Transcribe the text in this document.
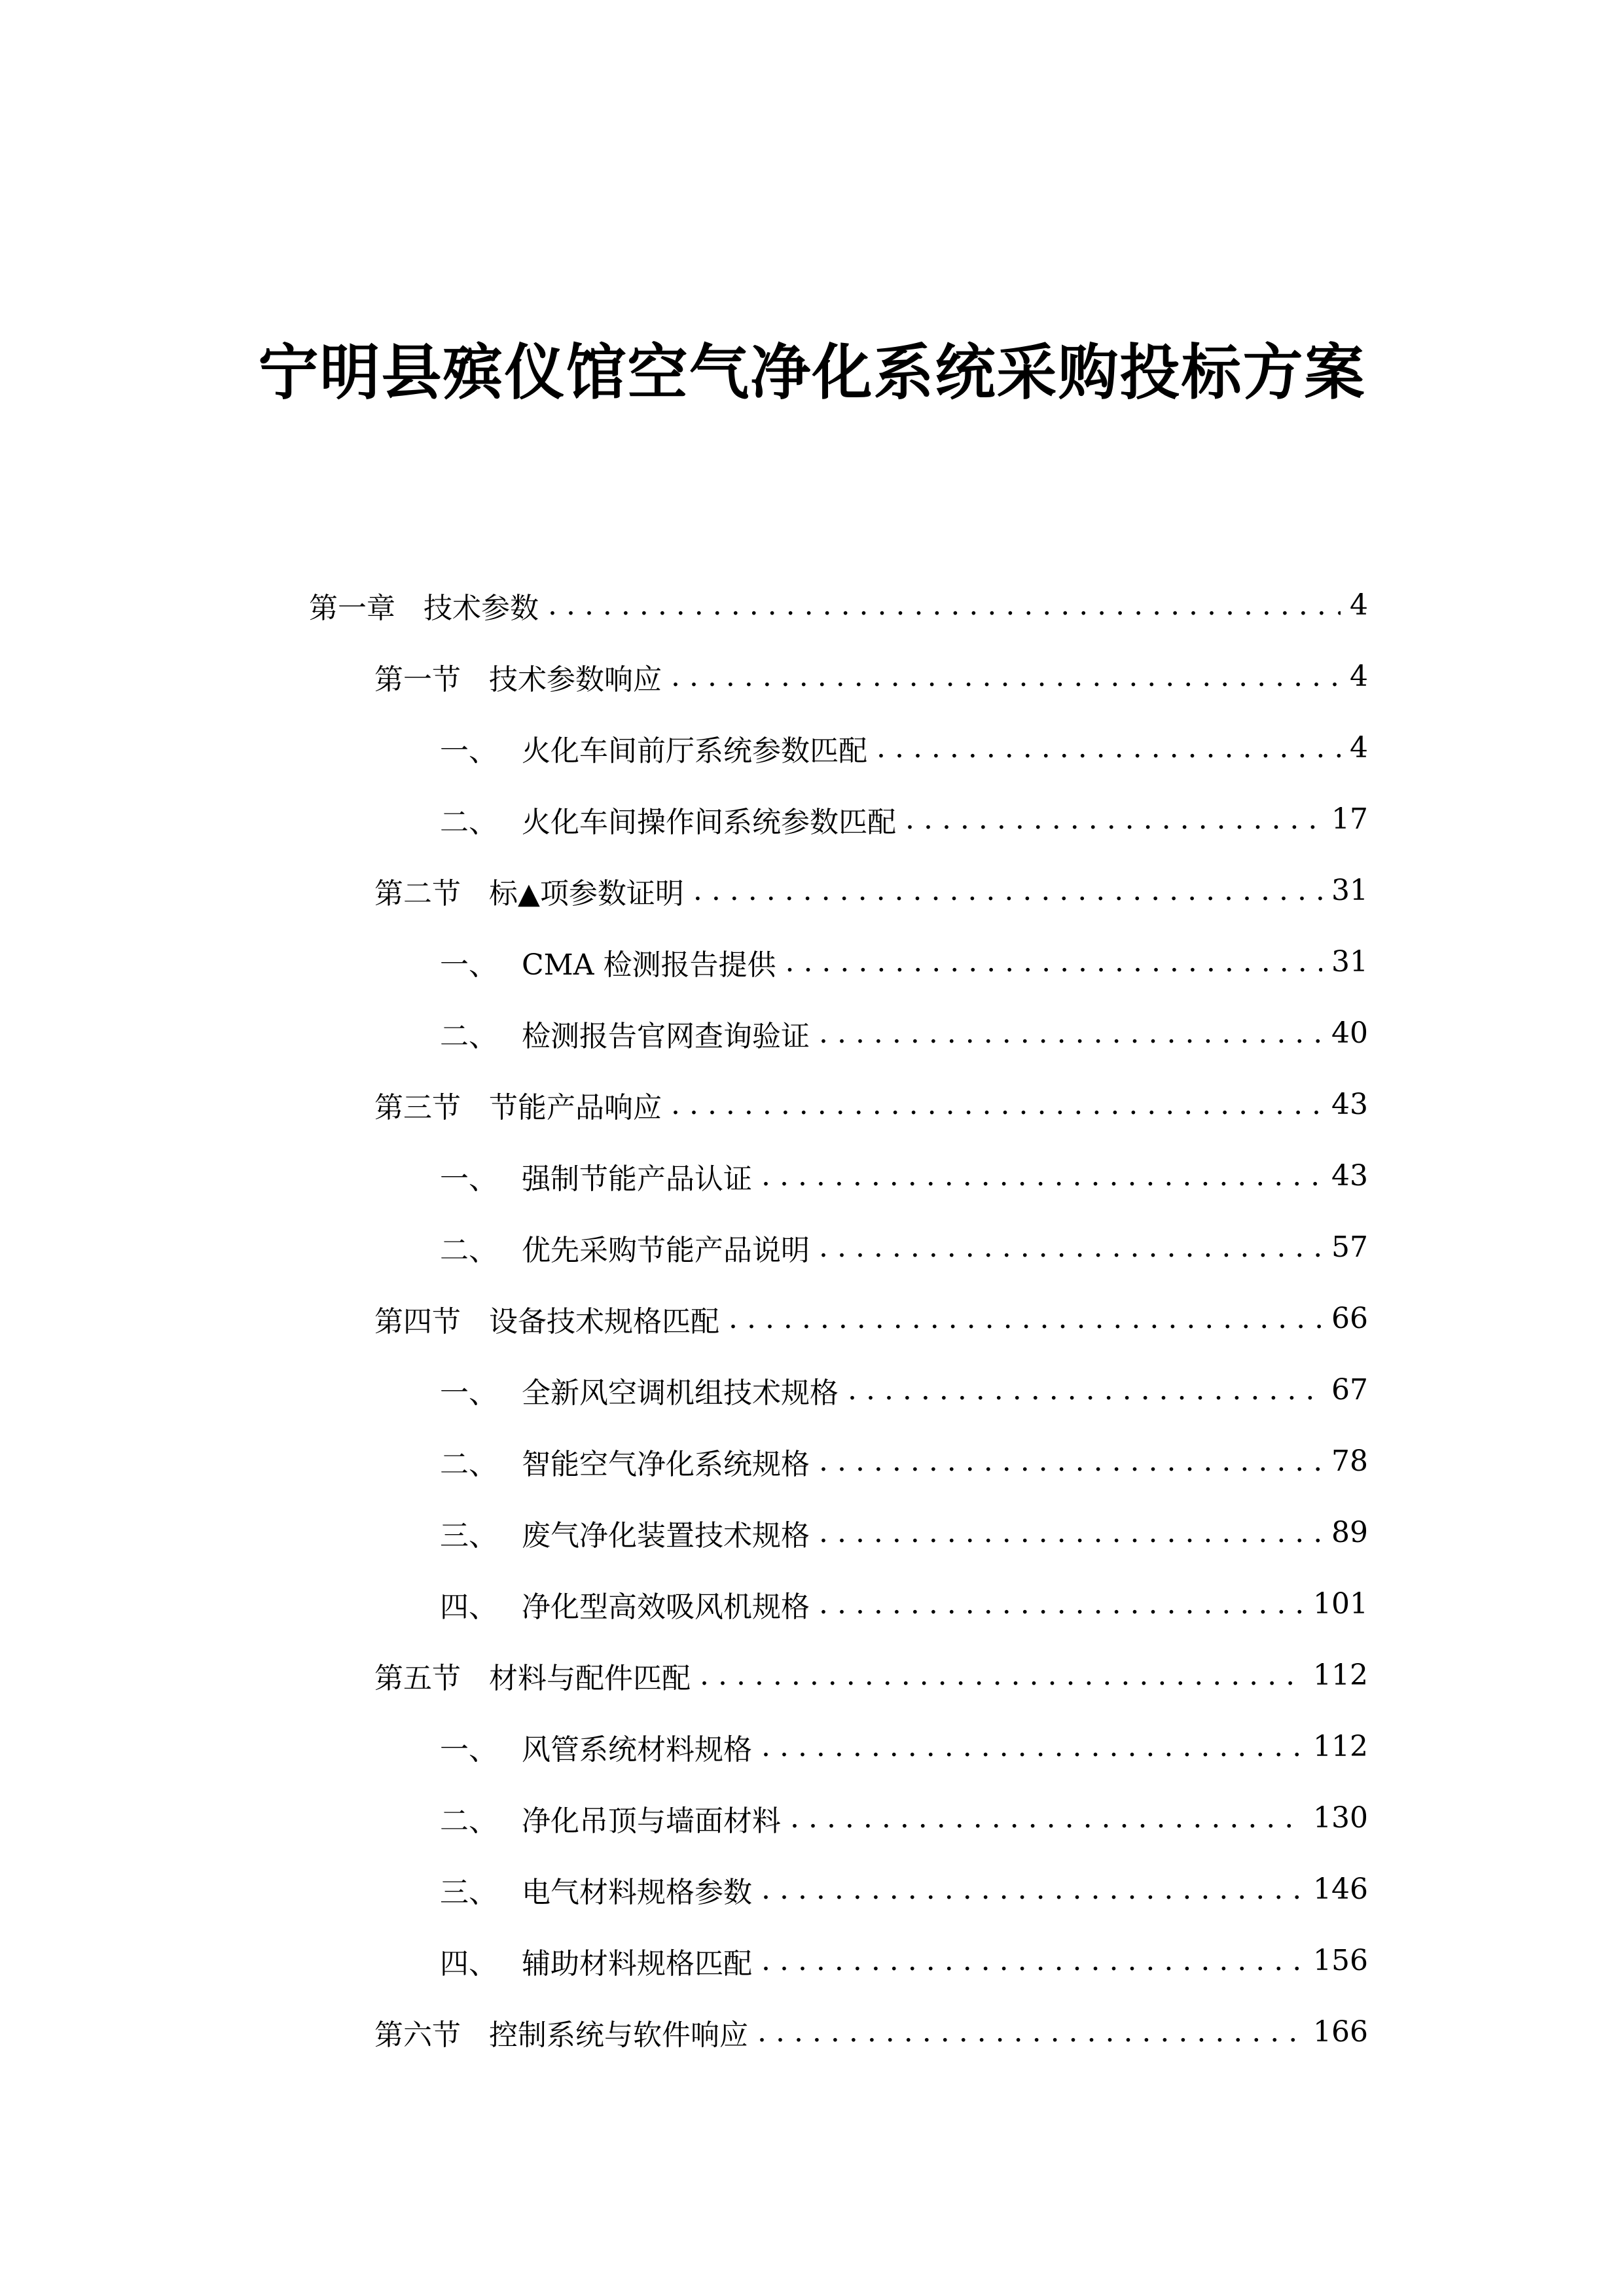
宁明县殡仪馆空气净化系统采购投标方案
第一章 技术参数 . . .	4
第一节 技术参数响应 . . .	4
一、 火化车间前厅系统参数匹配 . . .	4
二、 火化车间操作间系统参数匹配 . . .	17
第二节 标▲项参数证明 . . .	31
一、 CMA 检测报告提供 . . .	31
二、 检测报告官网查询验证 . . .	40
第三节 节能产品响应 . . .	43
一、 强制节能产品认证 . . .	43
二、 优先采购节能产品说明 . . .	57
第四节 设备技术规格匹配 . . .	66
一、 全新风空调机组技术规格 . . .	67
二、 智能空气净化系统规格 . . .	78
三、 废气净化装置技术规格 . . .	89
四、 净化型高效吸风机规格 . . .	101
第五节 材料与配件匹配 . . .	112
一、 风管系统材料规格 . . .	112
二、 净化吊顶与墙面材料 . . .	130
三、 电气材料规格参数 . . .	146
四、 辅助材料规格匹配 . . .	156
第六节 控制系统与软件响应 . . .	166
